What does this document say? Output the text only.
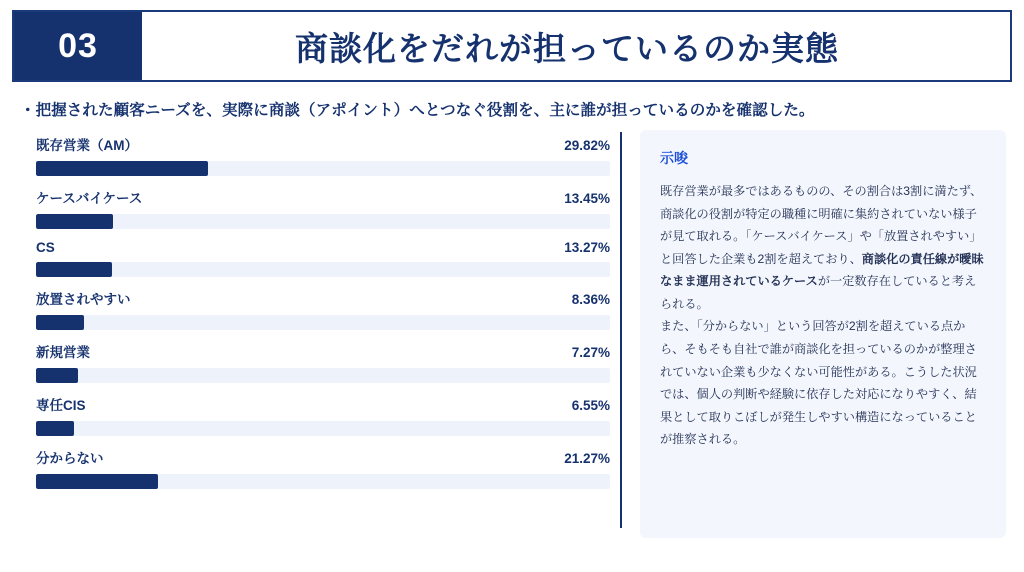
03	商談化をだれが担っているのか実態
・把握された顧客ニーズを、実際に商談（アポイント）へとつなぐ役割を、主に誰が担っているのかを確認した。
既存営業（AM）	29.82%
ケースバイケース	13.45%
CS	13.27%
放置されやすい	8.36%
新規営業	7.27%
専任CIS	6.55%
分からない	21.27%
示唆

既存営業が最多ではあるものの、その割合は3割に満たず、商談化の役割が特定の職種に明確に集約されていない様子が見て取れる。「ケースバイケース」や「放置されやすい」と回答した企業も2割を超えており、商談化の責任線が曖昧なまま運用されているケースが一定数存在していると考えられる。

また、「分からない」という回答が2割を超えている点から、そもそも自社で誰が商談化を担っているのかが整理されていない企業も少なくない可能性がある。こうした状況では、個人の判断や経験に依存した対応になりやすく、結果として取りこぼしが発生しやすい構造になっていることが推察される。
